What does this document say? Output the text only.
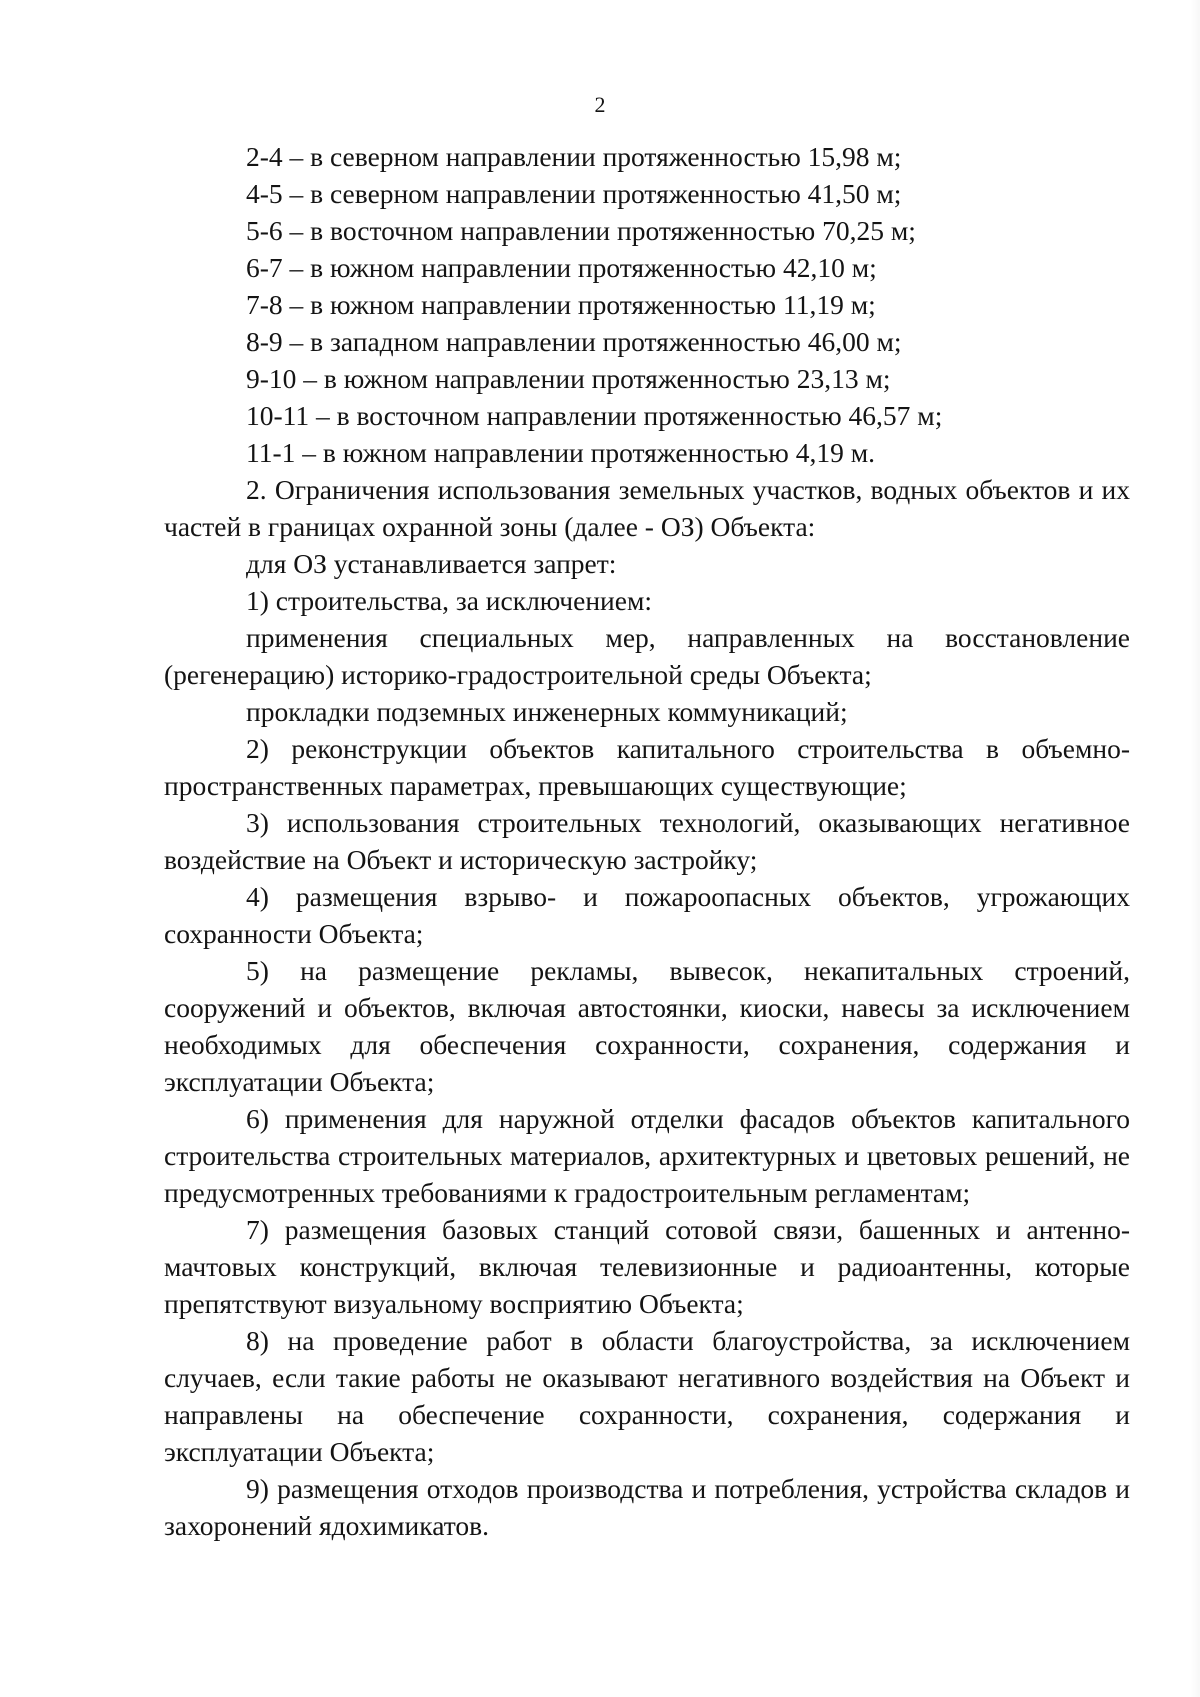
2

2-4 – в северном направлении протяженностью 15,98 м;

4-5 – в северном направлении протяженностью 41,50 м;

5-6 – в восточном направлении протяженностью 70,25 м;

6-7 – в южном направлении протяженностью 42,10 м;

7-8 – в южном направлении протяженностью 11,19 м;

8-9 – в западном направлении протяженностью 46,00 м;

9-10 – в южном направлении протяженностью 23,13 м;

10-11 – в восточном направлении протяженностью 46,57 м;

11-1 – в южном направлении протяженностью 4,19 м.

2. Ограничения использования земельных участков, водных объектов и их частей в границах охранной зоны (далее - ОЗ) Объекта:

для ОЗ устанавливается запрет:

1) строительства, за исключением:

применения специальных мер, направленных на восстановление (регенерацию) историко-градостроительной среды Объекта;

прокладки подземных инженерных коммуникаций;

2) реконструкции объектов капитального строительства в объемно-пространственных параметрах, превышающих существующие;

3) использования строительных технологий, оказывающих негативное воздействие на Объект и историческую застройку;

4) размещения взрыво- и пожароопасных объектов, угрожающих сохранности Объекта;

5) на размещение рекламы, вывесок, некапитальных строений, сооружений и объектов, включая автостоянки, киоски, навесы за исключением необходимых для обеспечения сохранности, сохранения, содержания и эксплуатации Объекта;

6) применения для наружной отделки фасадов объектов капитального строительства строительных материалов, архитектурных и цветовых решений, не предусмотренных требованиями к градостроительным регламентам;

7) размещения базовых станций сотовой связи, башенных и антенно-мачтовых конструкций, включая телевизионные и радиоантенны, которые препятствуют визуальному восприятию Объекта;

8) на проведение работ в области благоустройства, за исключением случаев, если такие работы не оказывают негативного воздействия на Объект и направлены на обеспечение сохранности, сохранения, содержания и эксплуатации Объекта;

9) размещения отходов производства и потребления, устройства складов и захоронений ядохимикатов.
